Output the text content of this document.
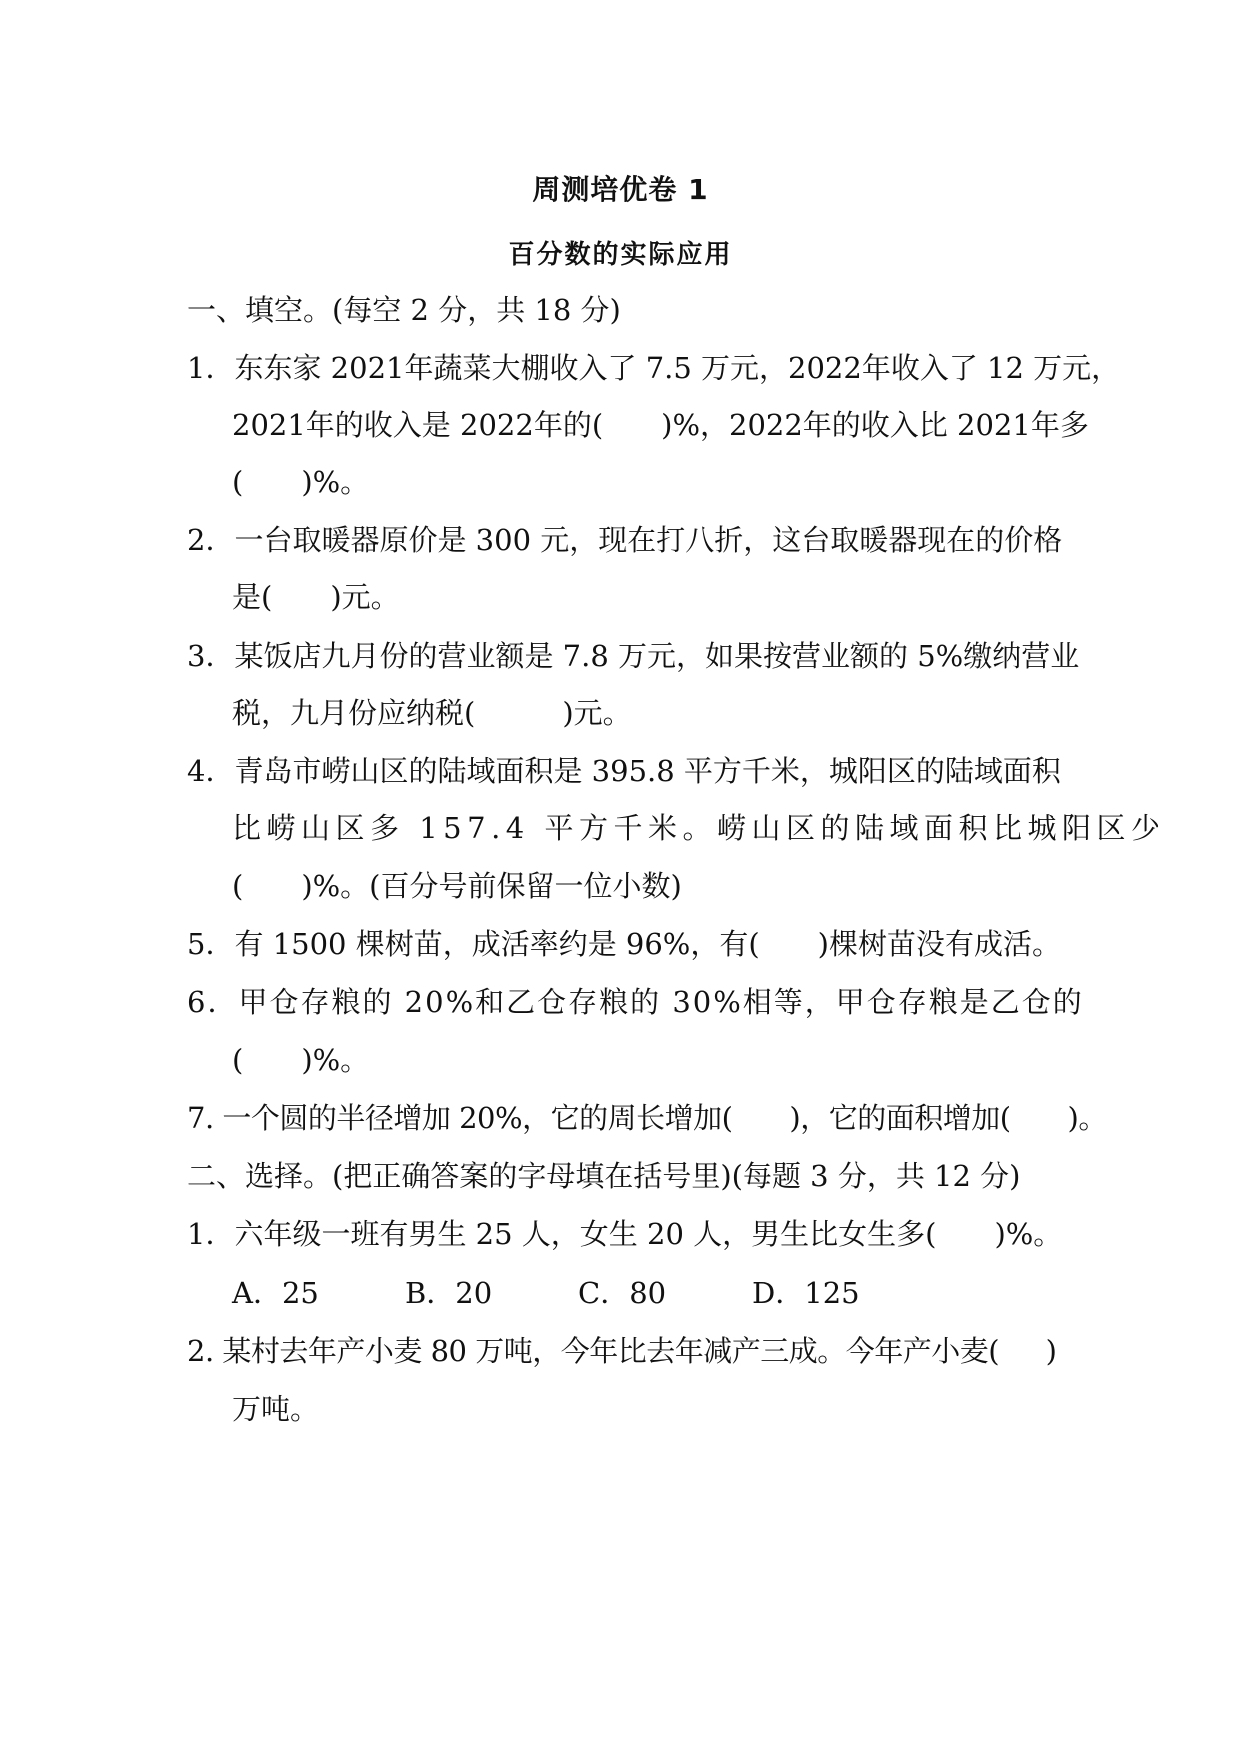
周测培优卷 1
百分数的实际应用
一、填空。(每空 2 分，共 18 分)
1．东东家 2021年蔬菜大棚收入了 7.5 万元，2022年收入了 12 万元，
2021年的收入是 2022年的(　　)%，2022年的收入比 2021年多
(　　)%。
2．一台取暖器原价是 300 元，现在打八折，这台取暖器现在的价格
是(　　)元。
3．某饭店九月份的营业额是 7.8 万元，如果按营业额的 5%缴纳营业
税，九月份应纳税(　　　)元。
4．青岛市崂山区的陆域面积是 395.8 平方千米，城阳区的陆域面积
比崂山区多 157.4 平方千米。崂山区的陆域面积比城阳区少
(　　)%。(百分号前保留一位小数)
5．有 1500 棵树苗，成活率约是 96%，有(　　)棵树苗没有成活。
6．甲仓存粮的 20%和乙仓存粮的 30%相等，甲仓存粮是乙仓的
(　　)%。
7. 一个圆的半径增加 20%，它的周长增加(　　)，它的面积增加(　　)。
二、选择。(把正确答案的字母填在括号里)(每题 3 分，共 12 分)
1．六年级一班有男生 25 人，女生 20 人，男生比女生多(　　)%。
A．25	B．20	C．80	D．125
2. 某村去年产小麦 80 万吨，今年比去年减产三成。今年产小麦( )
万吨。
